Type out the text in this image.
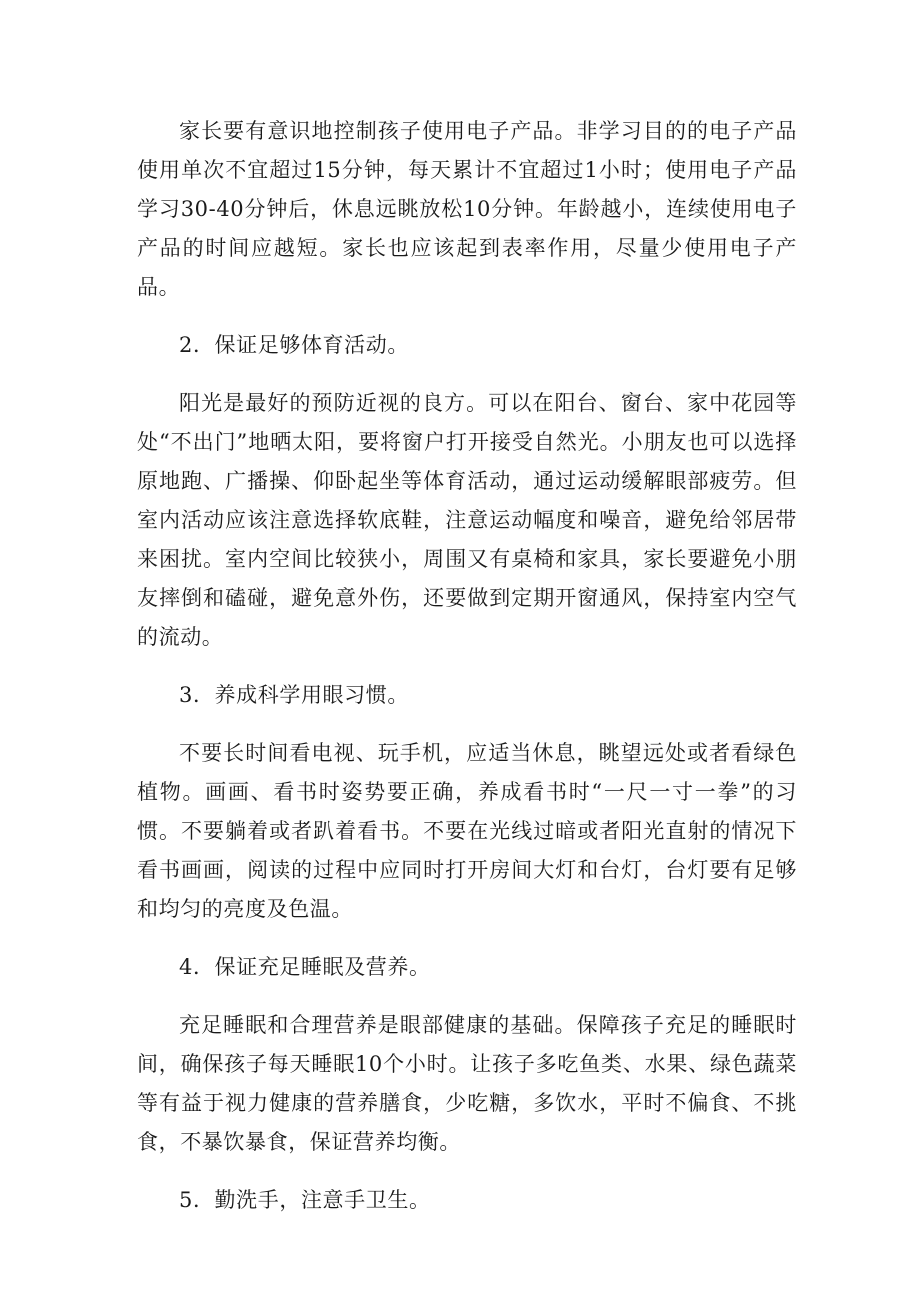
家长要有意识地控制孩子使用电子产品。非学习目的的电子产品使用单次不宜超过15分钟，每天累计不宜超过1小时；使用电子产品学习30-40分钟后，休息远眺放松10分钟。年龄越小，连续使用电子产品的时间应越短。家长也应该起到表率作用，尽量少使用电子产品。

2．保证足够体育活动。

阳光是最好的预防近视的良方。可以在阳台、窗台、家中花园等处“不出门”地晒太阳，要将窗户打开接受自然光。小朋友也可以选择原地跑、广播操、仰卧起坐等体育活动，通过运动缓解眼部疲劳。但室内活动应该注意选择软底鞋，注意运动幅度和噪音，避免给邻居带来困扰。室内空间比较狭小，周围又有桌椅和家具，家长要避免小朋友摔倒和磕碰，避免意外伤，还要做到定期开窗通风，保持室内空气的流动。

3．养成科学用眼习惯。

不要长时间看电视、玩手机，应适当休息，眺望远处或者看绿色植物。画画、看书时姿势要正确，养成看书时“一尺一寸一拳”的习惯。不要躺着或者趴着看书。不要在光线过暗或者阳光直射的情况下看书画画，阅读的过程中应同时打开房间大灯和台灯，台灯要有足够和均匀的亮度及色温。

4．保证充足睡眠及营养。

充足睡眠和合理营养是眼部健康的基础。保障孩子充足的睡眠时间，确保孩子每天睡眠10个小时。让孩子多吃鱼类、水果、绿色蔬菜等有益于视力健康的营养膳食，少吃糖，多饮水，平时不偏食、不挑食，不暴饮暴食，保证营养均衡。

5．勤洗手，注意手卫生。
